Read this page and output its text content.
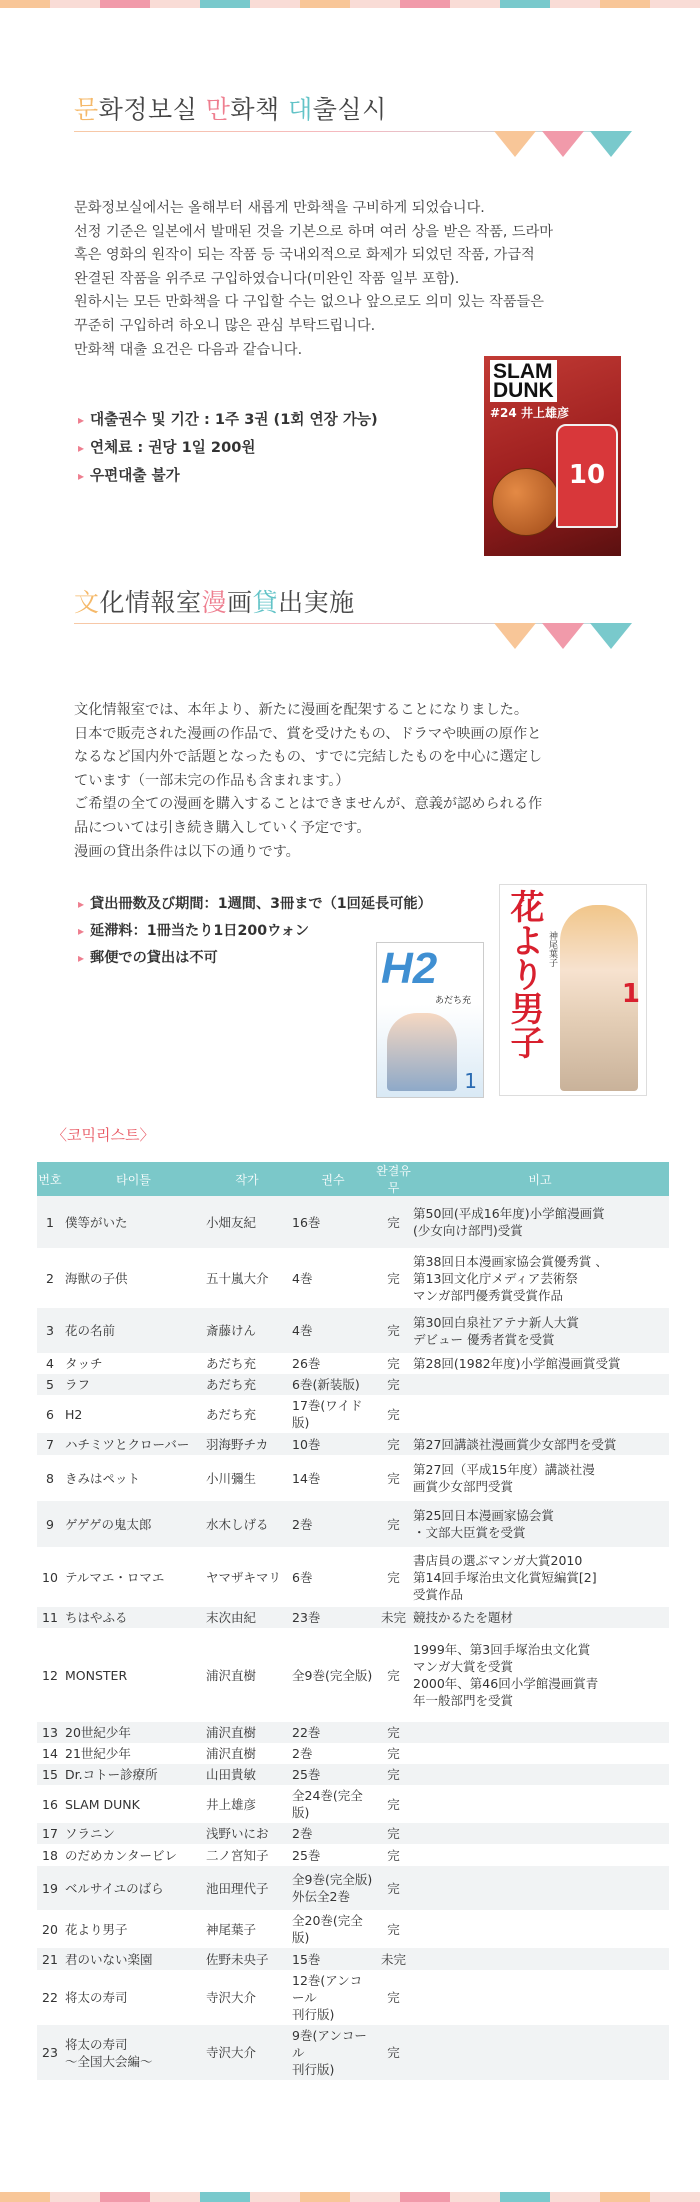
문화정보실 만화책 대출실시
문화정보실에서는 올해부터 새롭게 만화책을 구비하게 되었습니다.
선정 기준은 일본에서 발매된 것을 기본으로 하며 여러 상을 받은 작품, 드라마
혹은 영화의 원작이 되는 작품 등 국내외적으로 화제가 되었던 작품, 가급적
완결된 작품을 위주로 구입하였습니다(미완인 작품 일부 포함).
원하시는 모든 만화책을 다 구입할 수는 없으나 앞으로도 의미 있는 작품들은
꾸준히 구입하려 하오니 많은 관심 부탁드립니다.
만화책 대출 요건은 다음과 같습니다.
▸ 대출권수 및 기간 : 1주 3권 (1회 연장 가능)
▸ 연체료 : 권당 1일 200원
▸ 우편대출 불가
SLAM
DUNK
#24 井上雄彦
10
文化情報室漫画貸出実施
文化情報室では、本年より、新たに漫画を配架することになりました。
日本で販売された漫画の作品で、賞を受けたもの、ドラマや映画の原作と
なるなど国内外で話題となったもの、すでに完結したものを中心に選定し
ています（一部未完の作品も含まれます。）
ご希望の全ての漫画を購入することはできませんが、意義が認められる作
品については引き続き購入していく予定です。
漫画の貸出条件は以下の通りです。
▸ 貸出冊数及び期間：1週間、3冊まで（1回延長可能）
▸ 延滞料：1冊当たり1日200ウォン
▸ 郵便での貸出は不可	H2
あだち充
1
花より男子 神尾葉子
1
〈코믹리스트〉
번호	타이틀	작가	권수	완결유무	비고
1	僕等がいた	小畑友紀	16巻	完	第50回(平成16年度)小学館漫画賞
(少女向け部門)受賞
2	海獣の子供	五十嵐大介	4巻	完	第38回日本漫画家協会賞優秀賞 、
第13回文化庁メディア芸術祭
マンガ部門優秀賞受賞作品
3	花の名前	斎藤けん	4巻	完	第30回白泉社アテナ新人大賞
デビュー 優秀者賞を受賞
4	タッチ	あだち充	26巻	完	第28回(1982年度)小学館漫画賞受賞
5	ラフ	あだち充	6巻(新装版)	完	
6	H2	あだち充	17巻(ワイド版)	完	
7	ハチミツとクローバー	羽海野チカ	10巻	完	第27回講談社漫画賞少女部門を受賞
8	きみはペット	小川彌生	14巻	完	第27回（平成15年度）講談社漫
画賞少女部門受賞
9	ゲゲゲの鬼太郎	水木しげる	2巻	完	第25回日本漫画家協会賞
・文部大臣賞を受賞
10	テルマエ・ロマエ	ヤマザキマリ	6巻	完	書店員の選ぶマンガ大賞2010
第14回手塚治虫文化賞短編賞[2]
受賞作品
11	ちはやふる	末次由紀	23巻	未完	競技かるたを題材
12	MONSTER	浦沢直樹	全9巻(完全版)	完	1999年、第3回手塚治虫文化賞
マンガ大賞を受賞
2000年、第46回小学館漫画賞青
年一般部門を受賞
13	20世紀少年	浦沢直樹	22巻	完	
14	21世紀少年	浦沢直樹	2巻	完	
15	Dr.コトー診療所	山田貴敏	25巻	完	
16	SLAM DUNK	井上雄彦	全24巻(完全版)	完	
17	ソラニン	浅野いにお	2巻	完	
18	のだめカンタービレ	二ノ宮知子	25巻	完	
19	ベルサイユのばら	池田理代子	全9巻(完全版)
外伝全2巻	完	
20	花より男子	神尾葉子	全20巻(完全版)	完	
21	君のいない楽園	佐野未央子	15巻	未完	
22	将太の寿司	寺沢大介	12巻(アンコール
刊行版)	完	
23	将太の寿司
～全国大会編～	寺沢大介	9巻(アンコール
刊行版)	完	
